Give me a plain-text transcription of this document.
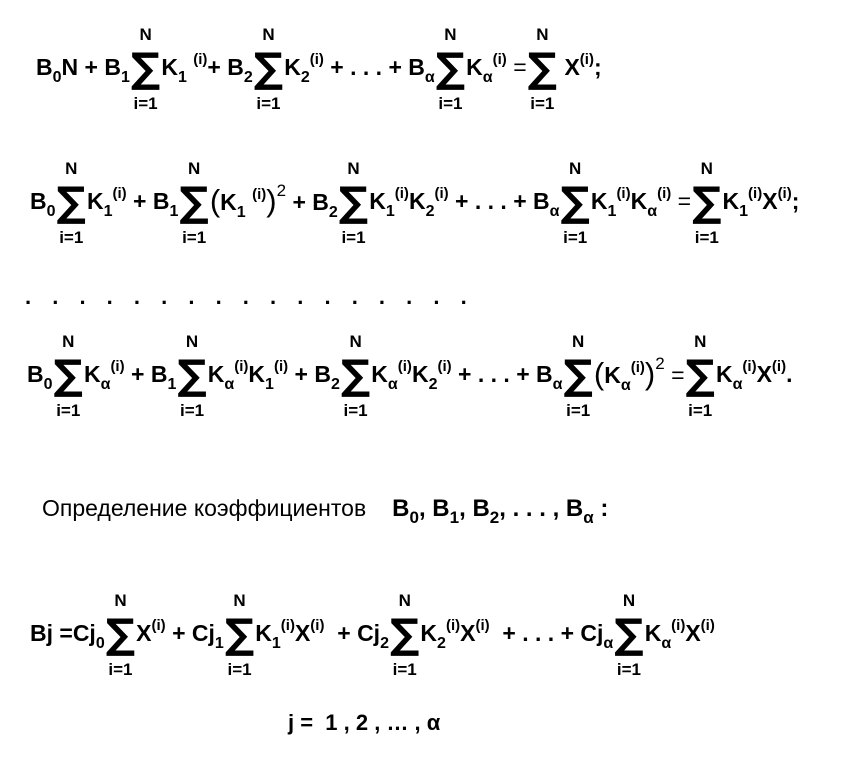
$B_0N + B_1$
N
∑
i=1
$K_1$ $^{(i)}+ B_2$
N
∑
i=1
$K_2^{(i)}$ + . . . + $B_\alpha$
N
∑
i=1
$K_\alpha^{(i)}$ =
N
∑
i=1
$X^{(i)}$;
$B_0$
N
∑
i=1
$K_1^{(i)} + B_1$
N
∑
i=1
($K_1$ $^{(i)})^2 + B_2$
N
∑
i=1
$K_1^{(i)}K_2^{(i)}$ + . . . + $B_\alpha$
N
∑
i=1
$K_1^{(i)}K_\alpha^{(i)}$ =
N
∑
i=1
$K_1^{(i)}X^{(i)}$;
. . . . . . . . . . . . . . . . .
$B_0$
N
∑
i=1
$K_\alpha^{(i)} + B_1$
N
∑
i=1
$K_\alpha^{(i)}K_1^{(i)} + B_2$
N
∑
i=1
$K_\alpha^{(i)}K_2^{(i)}$ + . . . + $B_\alpha$
N
∑
i=1
$(K_\alpha^{(i)})^2$ =
N
∑
i=1
$K_\alpha^{(i)}X^{(i)}$.
Определение коэффициентов $B_0$, $B_1$, $B_2$, . . . , $B_\alpha$ :
$Bj =Cj_0$
N
∑
i=1
$X^{(i)} + Cj_1$
N
∑
i=1
$K_1^{(i)}X^{(i)} + Cj_2$
N
∑
i=1
$K_2^{(i)}X^{(i)}$  + . . . + $Cj_\alpha$
N
∑
i=1
$K_\alpha^{(i)}X^{(i)}$
j =  1 , 2 , … , α
